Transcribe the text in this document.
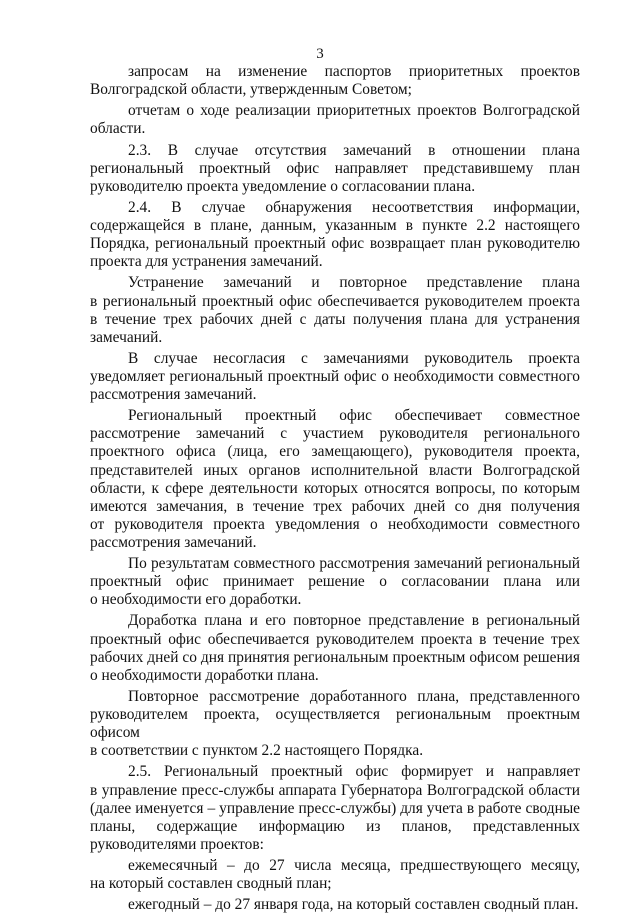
3
запросам на изменение паспортов приоритетных проектов
Волгоградской области, утвержденным Советом;
отчетам о ходе реализации приоритетных проектов Волгоградской
области.
2.3. В случае отсутствия замечаний в отношении плана
региональный проектный офис направляет представившему план
руководителю проекта уведомление о согласовании плана.
2.4. В случае обнаружения несоответствия информации,
содержащейся в плане, данным, указанным в пункте 2.2 настоящего
Порядка, региональный проектный офис возвращает план руководителю
проекта для устранения замечаний.
Устранение замечаний и повторное представление плана
в региональный проектный офис обеспечивается руководителем проекта
в течение трех рабочих дней с даты получения плана для устранения
замечаний.
В случае несогласия с замечаниями руководитель проекта
уведомляет региональный проектный офис о необходимости совместного
рассмотрения замечаний.
Региональный проектный офис обеспечивает совместное
рассмотрение замечаний с участием руководителя регионального
проектного офиса (лица, его замещающего), руководителя проекта,
представителей иных органов исполнительной власти Волгоградской
области, к сфере деятельности которых относятся вопросы, по которым
имеются замечания, в течение трех рабочих дней со дня получения
от руководителя проекта уведомления о необходимости совместного
рассмотрения замечаний.
По результатам совместного рассмотрения замечаний региональный
проектный офис принимает решение о согласовании плана или
о необходимости его доработки.
Доработка плана и его повторное представление в региональный
проектный офис обеспечивается руководителем проекта в течение трех
рабочих дней со дня принятия региональным проектным офисом решения
о необходимости доработки плана.
Повторное рассмотрение доработанного плана, представленного
руководителем проекта, осуществляется региональным проектным офисом
в соответствии с пунктом 2.2 настоящего Порядка.
2.5. Региональный проектный офис формирует и направляет
в управление пресс-службы аппарата Губернатора Волгоградской области
(далее именуется – управление пресс-службы) для учета в работе сводные
планы, содержащие информацию из планов, представленных
руководителями проектов:
ежемесячный – до 27 числа месяца, предшествующего месяцу,
на который составлен сводный план;
ежегодный – до 27 января года, на который составлен сводный план.
